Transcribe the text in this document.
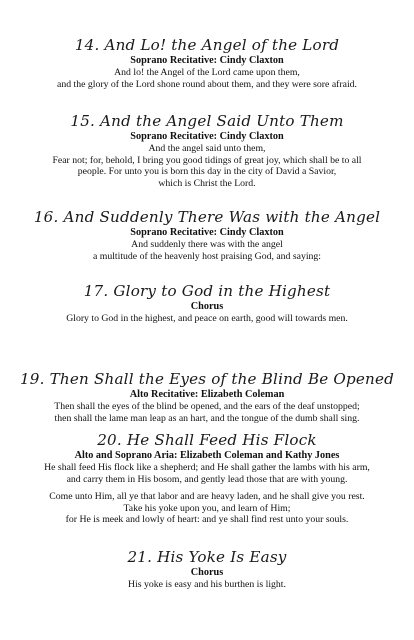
14. And Lo! the Angel of the Lord
Soprano Recitative: Cindy Claxton
And lo! the Angel of the Lord came upon them,
and the glory of the Lord shone round about them, and they were sore afraid.
15. And the Angel Said Unto Them
Soprano Recitative: Cindy Claxton
And the angel said unto them,
Fear not; for, behold, I bring you good tidings of great joy, which shall be to all
people. For unto you is born this day in the city of David a Savior,
which is Christ the Lord.
16. And Suddenly There Was with the Angel
Soprano Recitative: Cindy Claxton
And suddenly there was with the angel
a multitude of the heavenly host praising God, and saying:
17. Glory to God in the Highest
Chorus
Glory to God in the highest, and peace on earth, good will towards men.
19. Then Shall the Eyes of the Blind Be Opened
Alto Recitative: Elizabeth Coleman
Then shall the eyes of the blind be opened, and the ears of the deaf unstopped;
then shall the lame man leap as an hart, and the tongue of the dumb shall sing.
20. He Shall Feed His Flock
Alto and Soprano Aria: Elizabeth Coleman and Kathy Jones
He shall feed His flock like a shepherd; and He shall gather the lambs with his arm,
and carry them in His bosom, and gently lead those that are with young.
Come unto Him, all ye that labor and are heavy laden, and he shall give you rest.
Take his yoke upon you, and learn of Him;
for He is meek and lowly of heart: and ye shall find rest unto your souls.
21. His Yoke Is Easy
Chorus
His yoke is easy and his burthen is light.
